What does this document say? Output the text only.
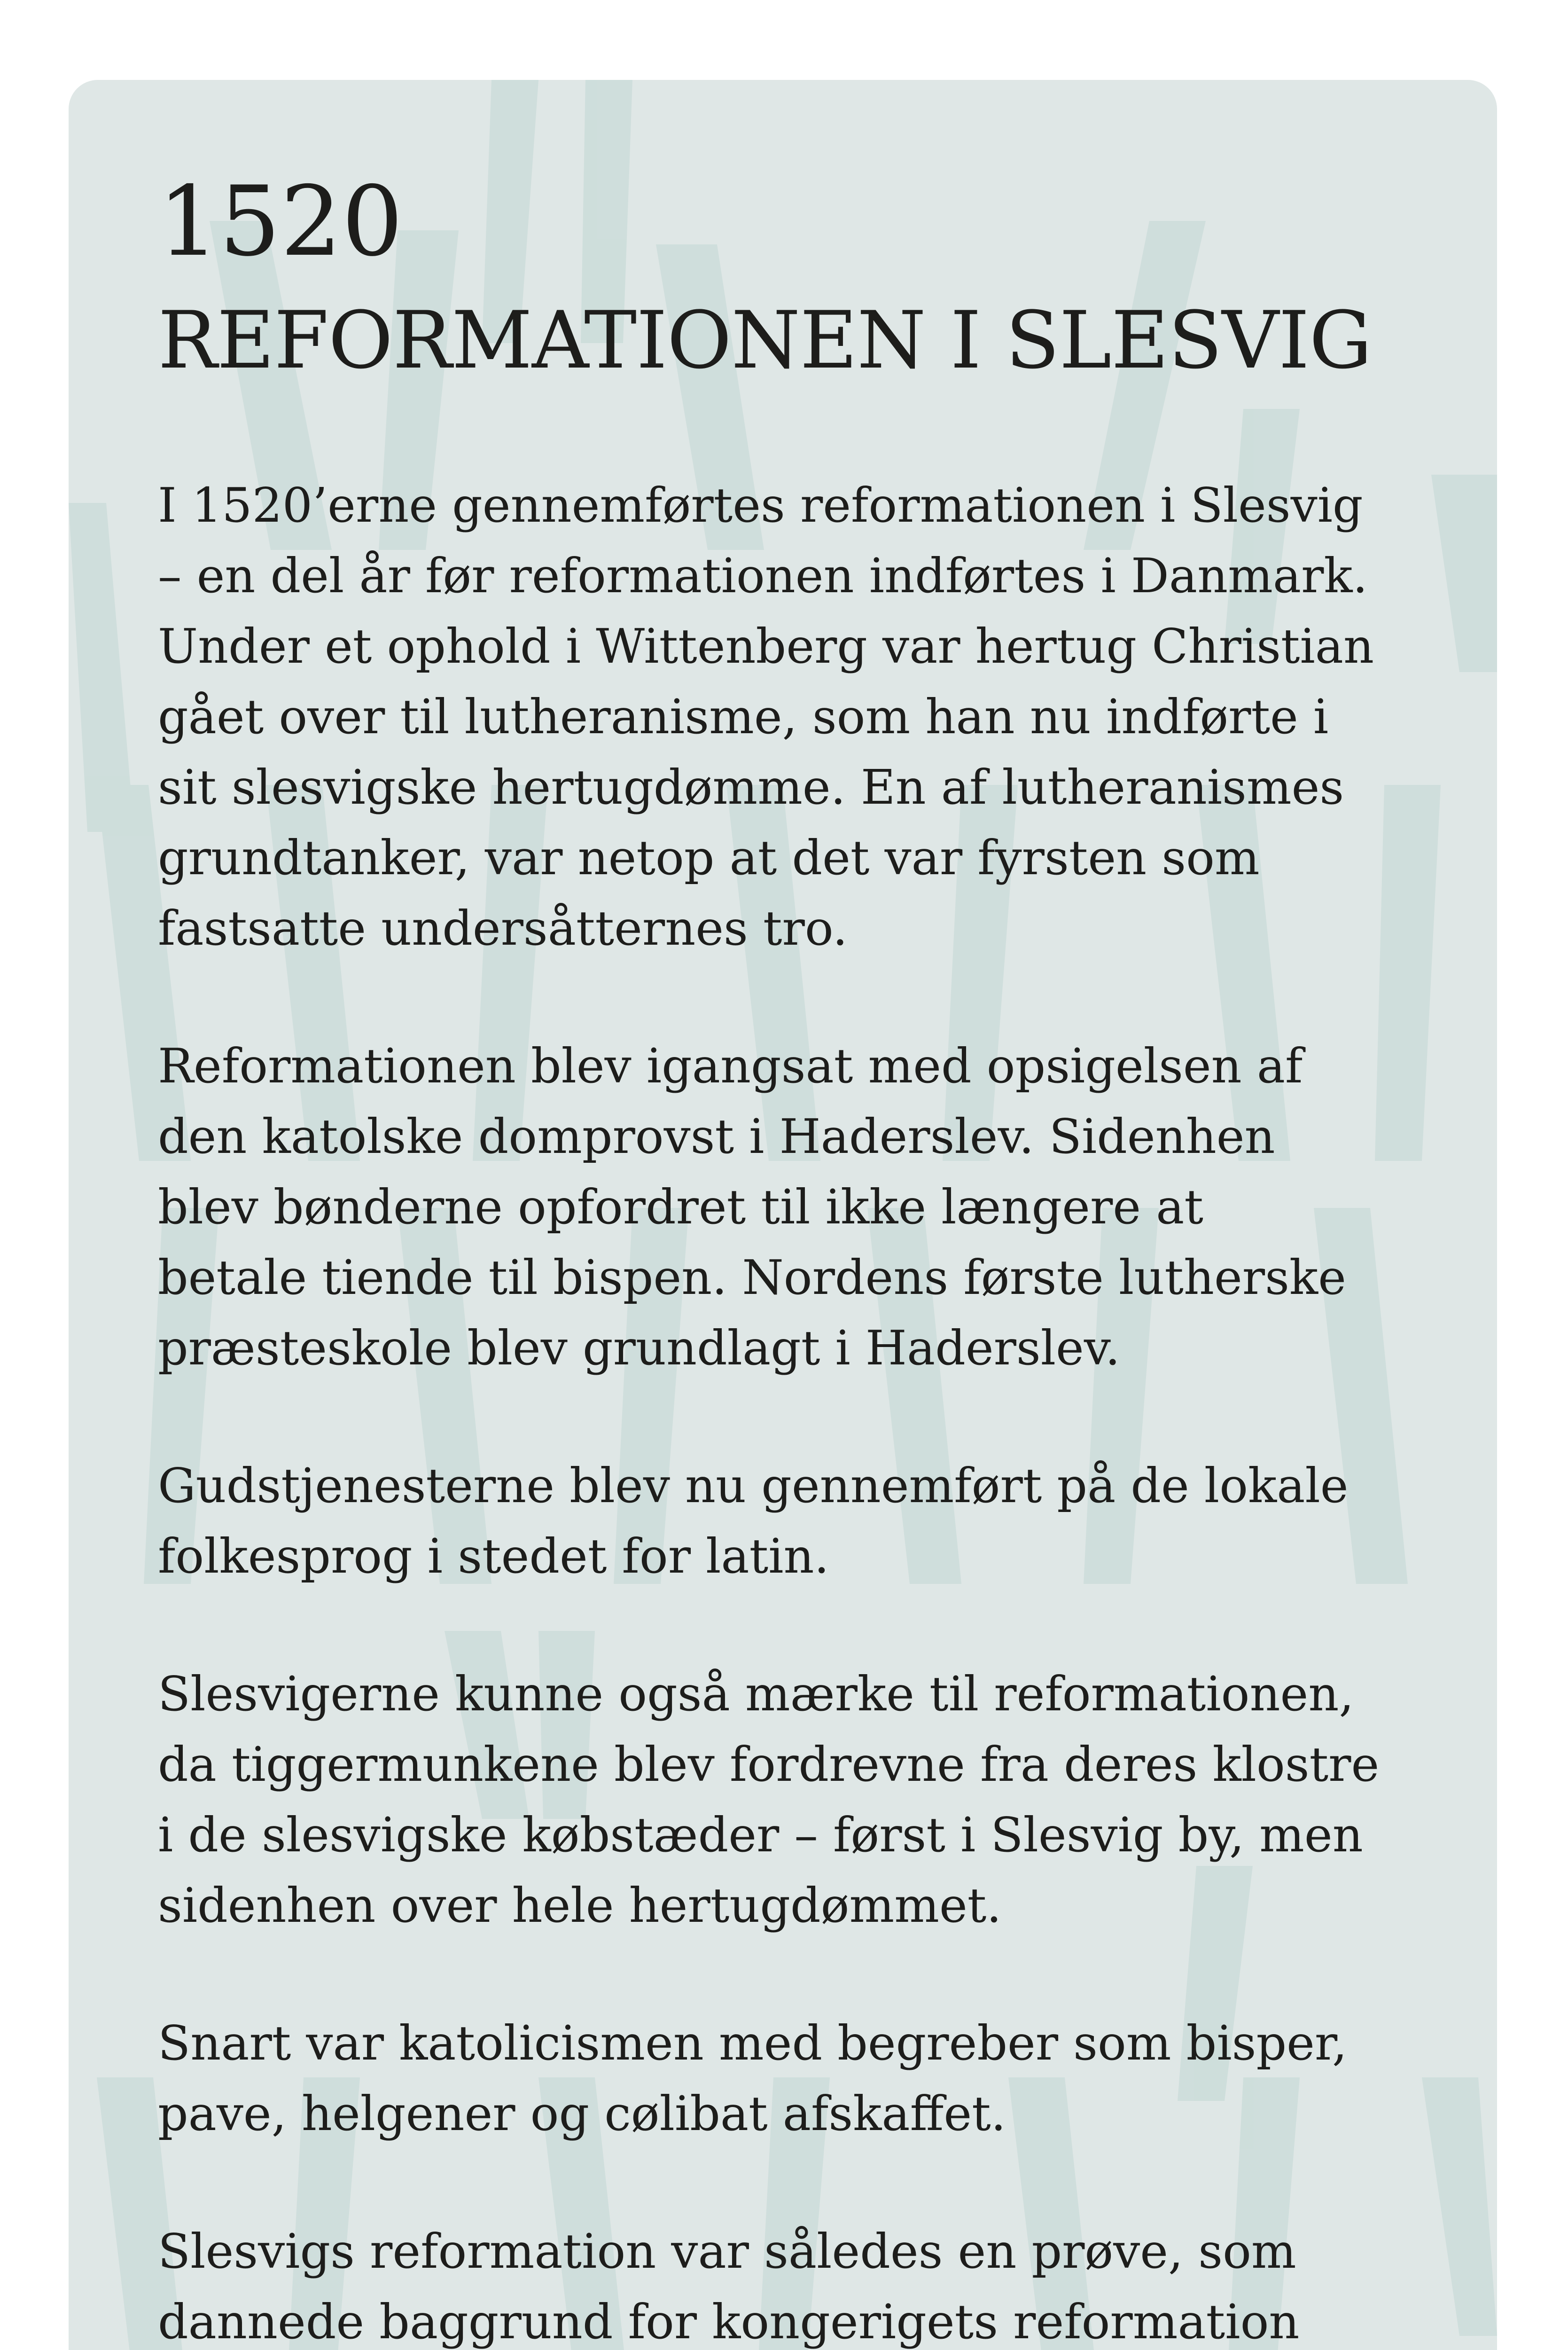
1520
REFORMATIONEN I SLESVIG

I 1520’erne gennemførtes reformationen i Slesvig
– en del år før reformationen indførtes i Danmark.
Under et ophold i Wittenberg var hertug Christian
gået over til lutheranisme, som han nu indførte i
sit slesvigske hertugdømme. En af lutheranismes
grundtanker, var netop at det var fyrsten som
fastsatte undersåtternes tro.

Reformationen blev igangsat med opsigelsen af
den katolske domprovst i Haderslev. Sidenhen
blev bønderne opfordret til ikke længere at
betale tiende til bispen. Nordens første lutherske
præsteskole blev grundlagt i Haderslev.

Gudstjenesterne blev nu gennemført på de lokale
folkesprog i stedet for latin.

Slesvigerne kunne også mærke til reformationen,
da tiggermunkene blev fordrevne fra deres klostre
i de slesvigske købstæder – først i Slesvig by, men
sidenhen over hele hertugdømmet.

Snart var katolicismen med begreber som bisper,
pave, helgener og cølibat afskaffet.

Slesvigs reformation var således en prøve, som
dannede baggrund for kongerigets reformation
